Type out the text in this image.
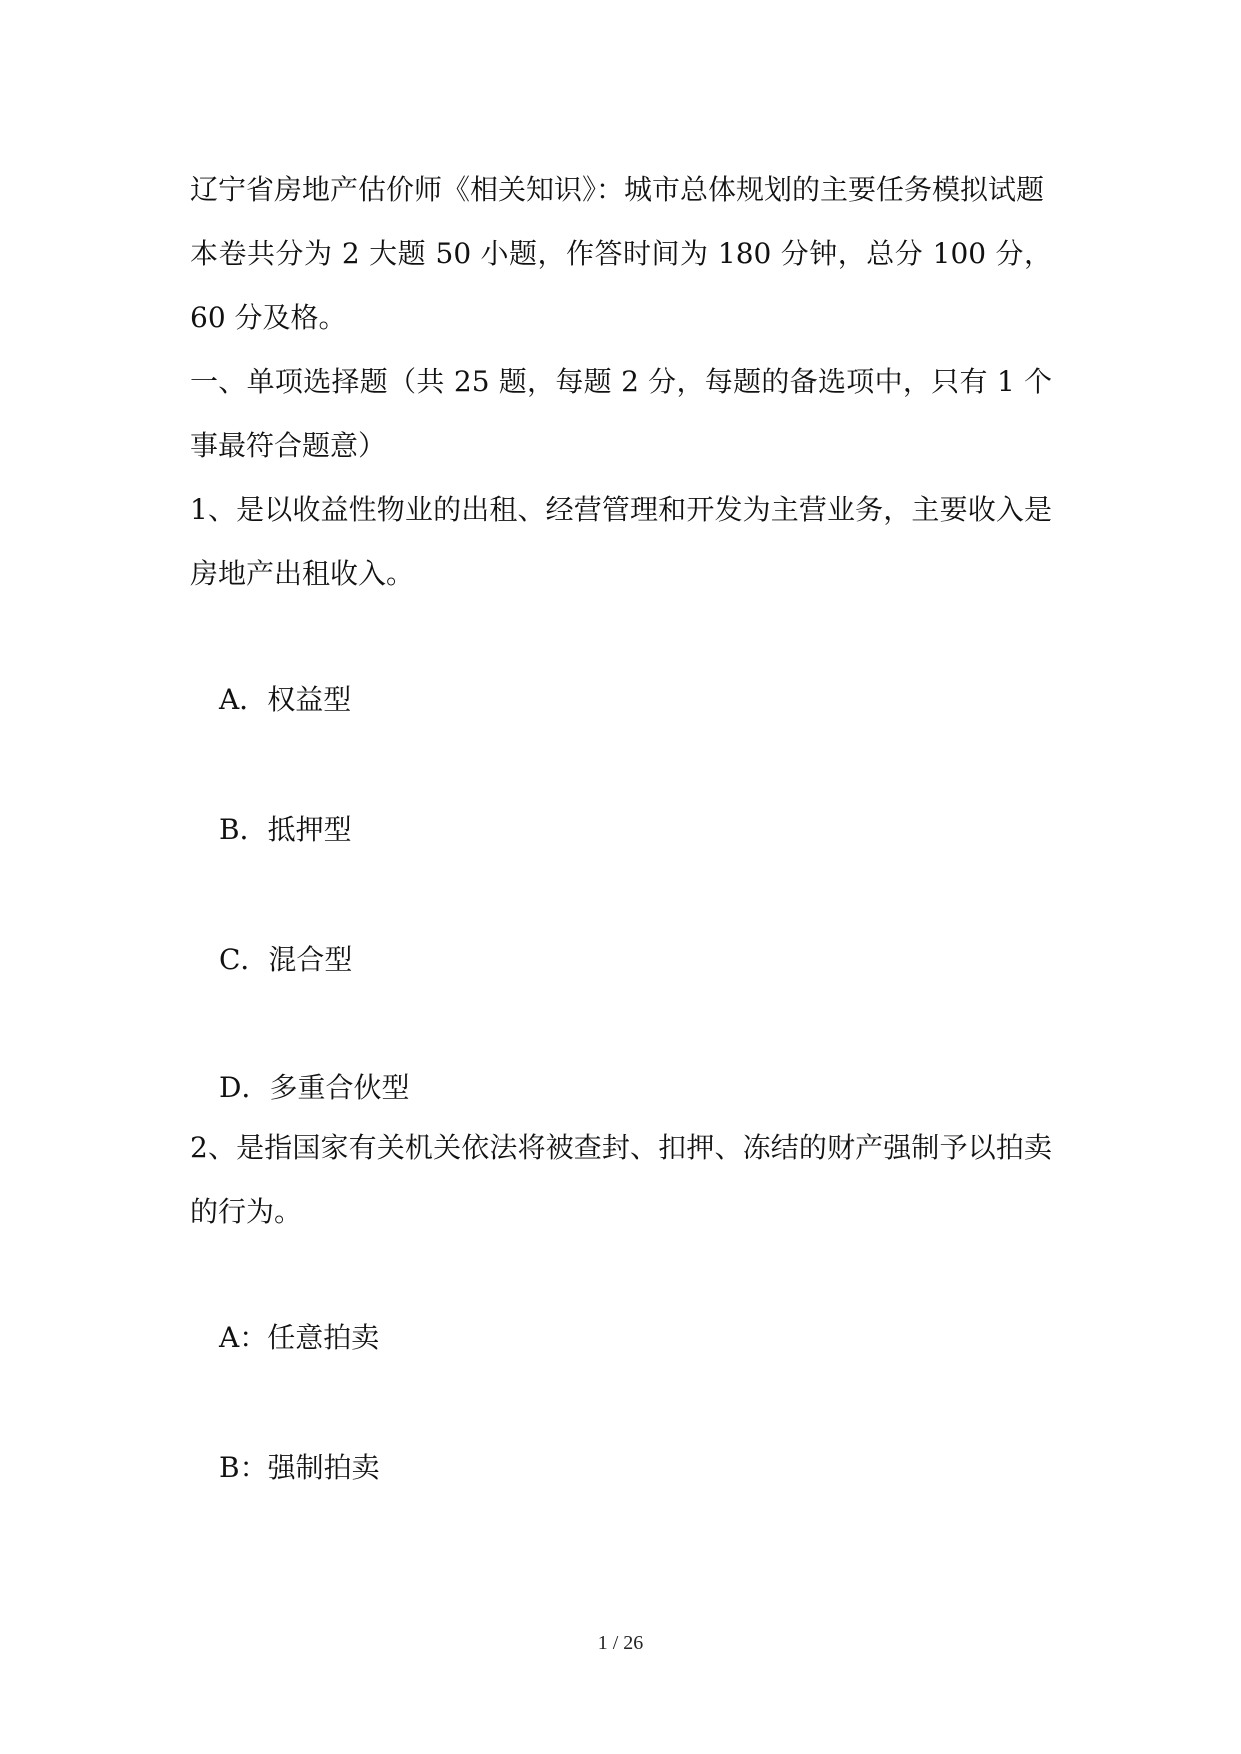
辽宁省房地产估价师《相关知识》：城市总体规划的主要任务模拟试题

本卷共分为 2 大题 50 小题，作答时间为 180 分钟，总分 100 分，60 分及格。

一、单项选择题（共 25 题，每题 2 分，每题的备选项中，只有 1 个事最符合题意）

1、是以收益性物业的出租、经营管理和开发为主营业务，主要收入是房地产出租收入。

A．权益型
B．抵押型
C．混合型
D．多重合伙型

2、是指国家有关机关依法将被查封、扣押、冻结的财产强制予以拍卖的行为。

A：任意拍卖
B：强制拍卖
1 / 26
